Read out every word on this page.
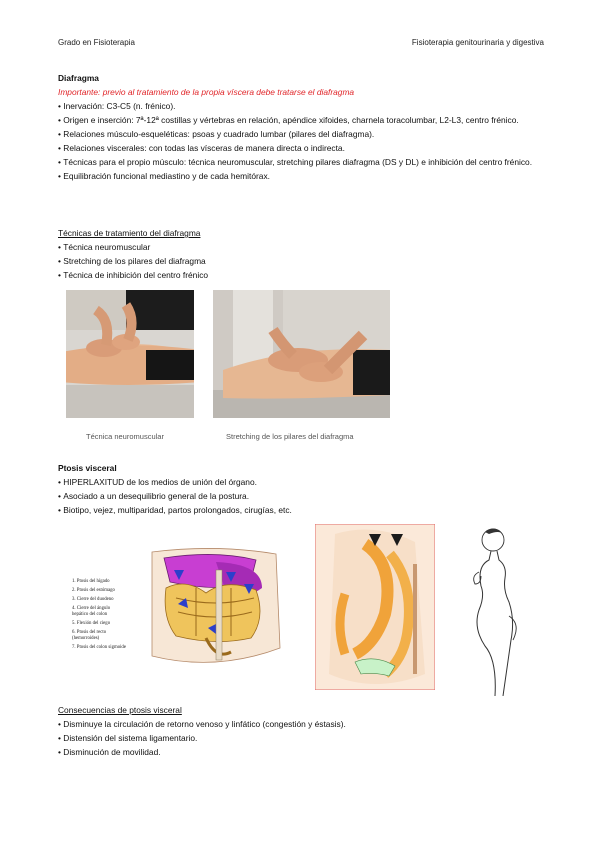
Grado en Fisioterapia	Fisioterapia genitourinaria y digestiva

Diafragma

Importante: previo al tratamiento de la propia víscera debe tratarse el diafragma

• Inervación: C3-C5 (n. frénico).

• Origen e inserción: 7ª-12ª costillas y vértebras en relación, apéndice xifoides, charnela toracolumbar, L2-L3, centro frénico.

• Relaciones músculo-esqueléticas: psoas y cuadrado lumbar (pilares del diafragma).

• Relaciones viscerales: con todas las vísceras de manera directa o indirecta.

• Técnicas para el propio músculo: técnica neuromuscular, stretching pilares diafragma (DS y DL) e inhibición del centro frénico.

• Equilibración funcional mediastino y de cada hemitórax.

Técnicas de tratamiento del diafragma

• Técnica neuromuscular

• Stretching de los pilares del diafragma

• Técnica de inhibición del centro frénico

Técnica neuromuscular	Stretching de los pilares del diafragma

Ptosis visceral

• HIPERLAXITUD de los medios de unión del órgano.

• Asociado a un desequilibrio general de la postura.

• Biotipo, vejez, multiparidad, partos prolongados, cirugías, etc.

1. Ptosis del hígado
2. Ptosis del estómago
3. Cierre del duodeno
4. Cierre del ángulo
hepático del colon
5. Flexión del ciego
6. Ptosis del recto
(hemorroides)
7. Ptosis del colon sigmoide

Consecuencias de ptosis visceral

• Disminuye la circulación de retorno venoso y linfático (congestión y éstasis).

• Distensión del sistema ligamentario.

• Disminución de movilidad.
